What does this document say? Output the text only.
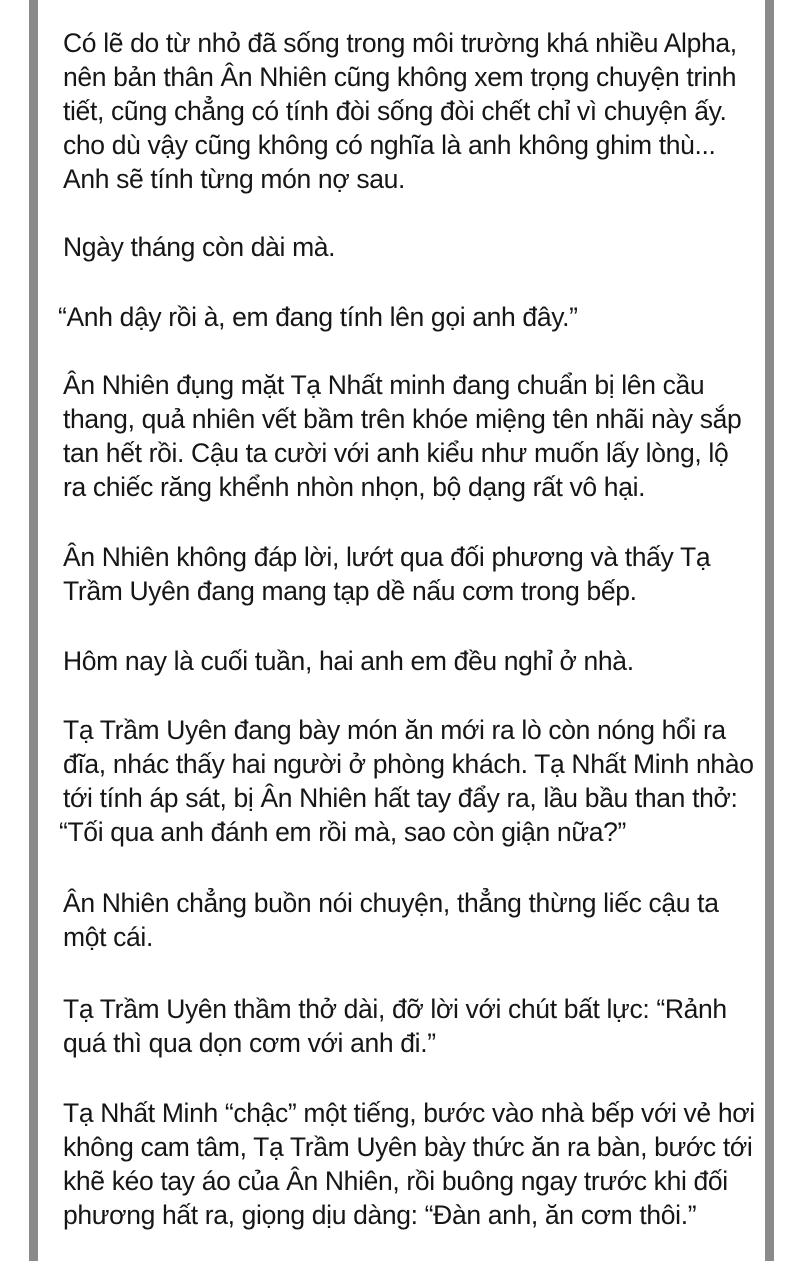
Có lẽ do từ nhỏ đã sống trong môi trường khá nhiều Alpha,
nên bản thân Ân Nhiên cũng không xem trọng chuyện trinh
tiết, cũng chẳng có tính đòi sống đòi chết chỉ vì chuyện ấy.
cho dù vậy cũng không có nghĩa là anh không ghim thù...
Anh sẽ tính từng món nợ sau.
Ngày tháng còn dài mà.
“Anh dậy rồi à, em đang tính lên gọi anh đây.”
Ân Nhiên đụng mặt Tạ Nhất minh đang chuẩn bị lên cầu
thang, quả nhiên vết bầm trên khóe miệng tên nhãi này sắp
tan hết rồi. Cậu ta cười với anh kiểu như muốn lấy lòng, lộ
ra chiếc răng khểnh nhòn nhọn, bộ dạng rất vô hại.
Ân Nhiên không đáp lời, lướt qua đối phương và thấy Tạ
Trầm Uyên đang mang tạp dề nấu cơm trong bếp.
Hôm nay là cuối tuần, hai anh em đều nghỉ ở nhà.
Tạ Trầm Uyên đang bày món ăn mới ra lò còn nóng hổi ra
đĩa, nhác thấy hai người ở phòng khách. Tạ Nhất Minh nhào
tới tính áp sát, bị Ân Nhiên hất tay đẩy ra, lầu bầu than thở:
“Tối qua anh đánh em rồi mà, sao còn giận nữa?”
Ân Nhiên chẳng buồn nói chuyện, thẳng thừng liếc cậu ta
một cái.
Tạ Trầm Uyên thầm thở dài, đỡ lời với chút bất lực: “Rảnh
quá thì qua dọn cơm với anh đi.”
Tạ Nhất Minh “chậc” một tiếng, bước vào nhà bếp với vẻ hơi
không cam tâm, Tạ Trầm Uyên bày thức ăn ra bàn, bước tới
khẽ kéo tay áo của Ân Nhiên, rồi buông ngay trước khi đối
phương hất ra, giọng dịu dàng: “Đàn anh, ăn cơm thôi.”
